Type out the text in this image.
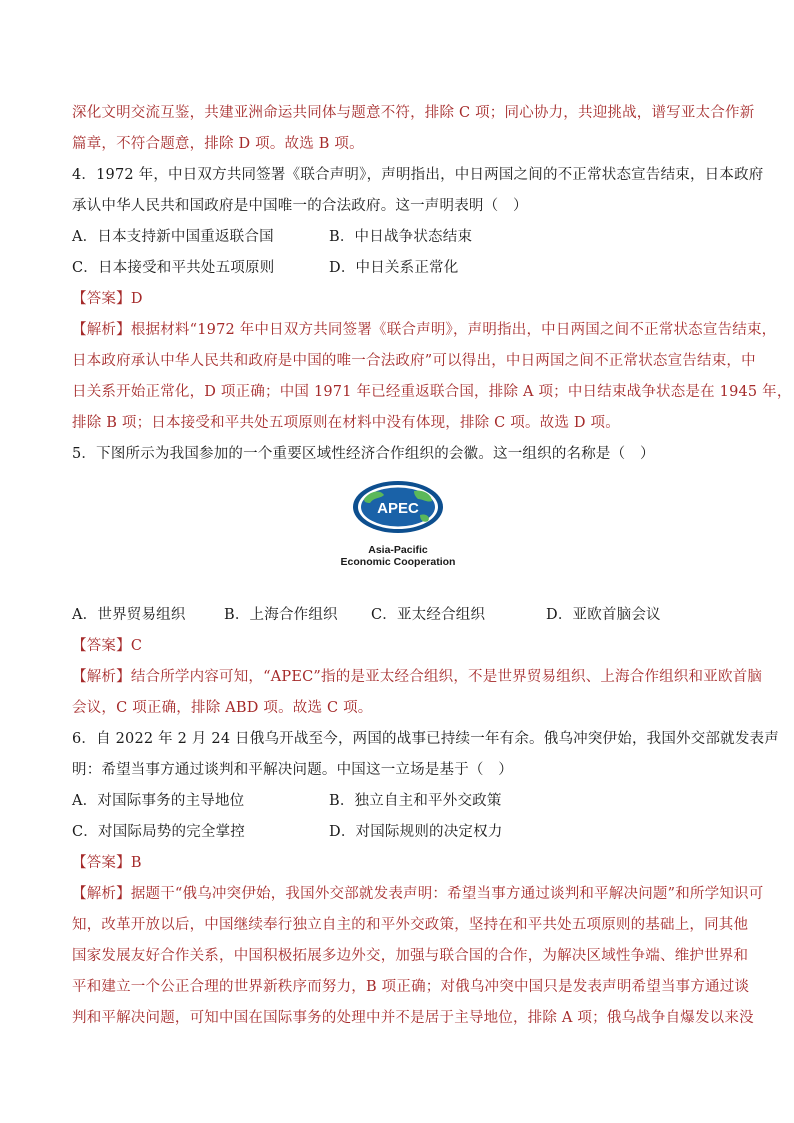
深化文明交流互鉴，共建亚洲命运共同体与题意不符，排除 C 项；同心协力，共迎挑战，谱写亚太合作新
篇章，不符合题意，排除 D 项。故选 B 项。
4．1972 年，中日双方共同签署《联合声明》，声明指出，中日两国之间的不正常状态宣告结束，日本政府
承认中华人民共和国政府是中国唯一的合法政府。这一声明表明（　）
A．日本支持新中国重返联合国	B．中日战争状态结束
C．日本接受和平共处五项原则	D．中日关系正常化
【答案】D
【解析】根据材料“1972 年中日双方共同签署《联合声明》，声明指出，中日两国之间不正常状态宣告结束，
日本政府承认中华人民共和政府是中国的唯一合法政府”可以得出，中日两国之间不正常状态宣告结束，中
日关系开始正常化，D 项正确；中国 1971 年已经重返联合国，排除 A 项；中日结束战争状态是在 1945 年，
排除 B 项；日本接受和平共处五项原则在材料中没有体现，排除 C 项。故选 D 项。
5．下图所示为我国参加的一个重要区域性经济合作组织的会徽。这一组织的名称是（　）
APEC
Asia-Pacific
Economic Cooperation
A．世界贸易组织	B．上海合作组织	C．亚太经合组织	D．亚欧首脑会议
【答案】C
【解析】结合所学内容可知，“APEC”指的是亚太经合组织，不是世界贸易组织、上海合作组织和亚欧首脑
会议，C 项正确，排除 ABD 项。故选 C 项。
6．自 2022 年 2 月 24 日俄乌开战至今，两国的战事已持续一年有余。俄乌冲突伊始，我国外交部就发表声
明：希望当事方通过谈判和平解决问题。中国这一立场是基于（　）
A．对国际事务的主导地位	B．独立自主和平外交政策
C．对国际局势的完全掌控	D．对国际规则的决定权力
【答案】B
【解析】据题干“俄乌冲突伊始，我国外交部就发表声明：希望当事方通过谈判和平解决问题”和所学知识可
知，改革开放以后，中国继续奉行独立自主的和平外交政策，坚持在和平共处五项原则的基础上，同其他
国家发展友好合作关系，中国积极拓展多边外交，加强与联合国的合作，为解决区域性争端、维护世界和
平和建立一个公正合理的世界新秩序而努力，B 项正确；对俄乌冲突中国只是发表声明希望当事方通过谈
判和平解决问题，可知中国在国际事务的处理中并不是居于主导地位，排除 A 项；俄乌战争自爆发以来没
